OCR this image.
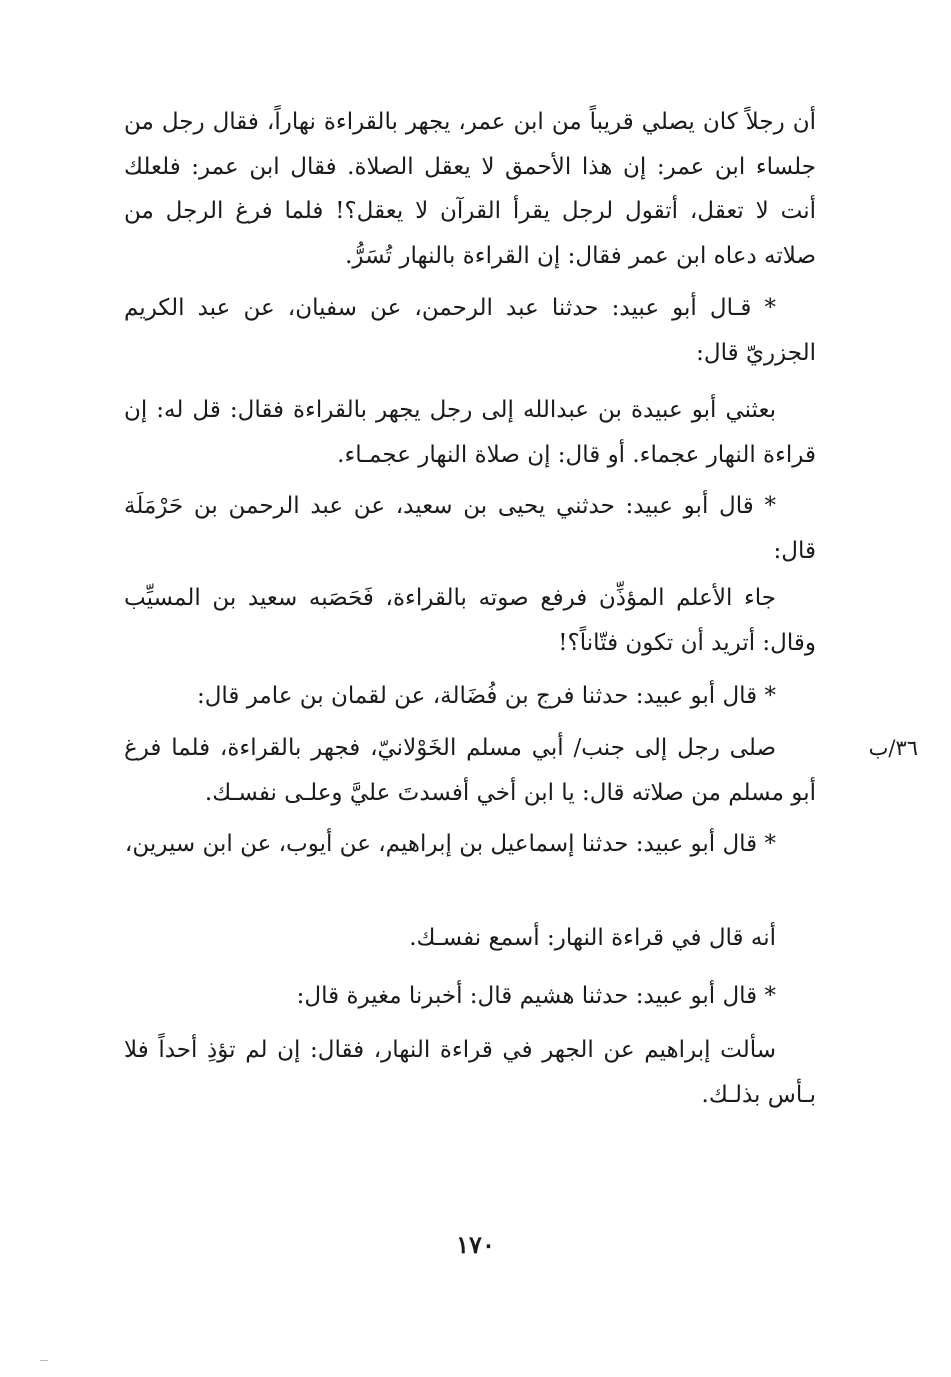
أن رجلاً كان يصلي قريباً من ابن عمر، يجهر بالقراءة نهاراً، فقال رجل من جلساء ابن عمر: إن هذا الأحمق لا يعقل الصلاة. فقال ابن عمر: فلعلك أنت لا تعقل، أتقول لرجل يقرأ القرآن لا يعقل؟! فلما فرغ الرجل من صلاته دعاه ابن عمر فقال: إن القراءة بالنهار تُسَرُّ.

* قـال أبو عبيد: حدثنا عبد الرحمن، عن سفيان، عن عبد الكريم الجزريّ قال:

بعثني أبو عبيدة بن عبدالله إلى رجل يجهر بالقراءة فقال: قل له: إن قراءة النهار عجماء. أو قال: إن صلاة النهار عجمـاء.

* قال أبو عبيد: حدثني يحيى بن سعيد، عن عبد الرحمن بن حَرْمَلَة قال:

جاء الأعلم المؤذِّن فرفع صوته بالقراءة، فَحَصَبه سعيد بن المسيِّب وقال: أتريد أن تكون فتّاناً؟!

* قال أبو عبيد: حدثنا فرج بن فُضَالة، عن لقمان بن عامر قال:

صلى رجل إلى جنب/ أبي مسلم الخَوْلانيّ، فجهر بالقراءة، فلما فرغ أبو مسلم من صلاته قال: يا ابن أخي أفسدتَ عليَّ وعلـى نفسـك.

* قال أبو عبيد: حدثنا إسماعيل بن إبراهيم، عن أيوب، عن ابن سيرين،

أنه قال في قراءة النهار: أسمع نفسـك.

* قال أبو عبيد: حدثنا هشيم قال: أخبرنا مغيرة قال:

سألت إبراهيم عن الجهر في قراءة النهار، فقال: إن لم تؤذِ أحداً فلا بـأس بذلـك.

٣٦/ب
١٧٠
